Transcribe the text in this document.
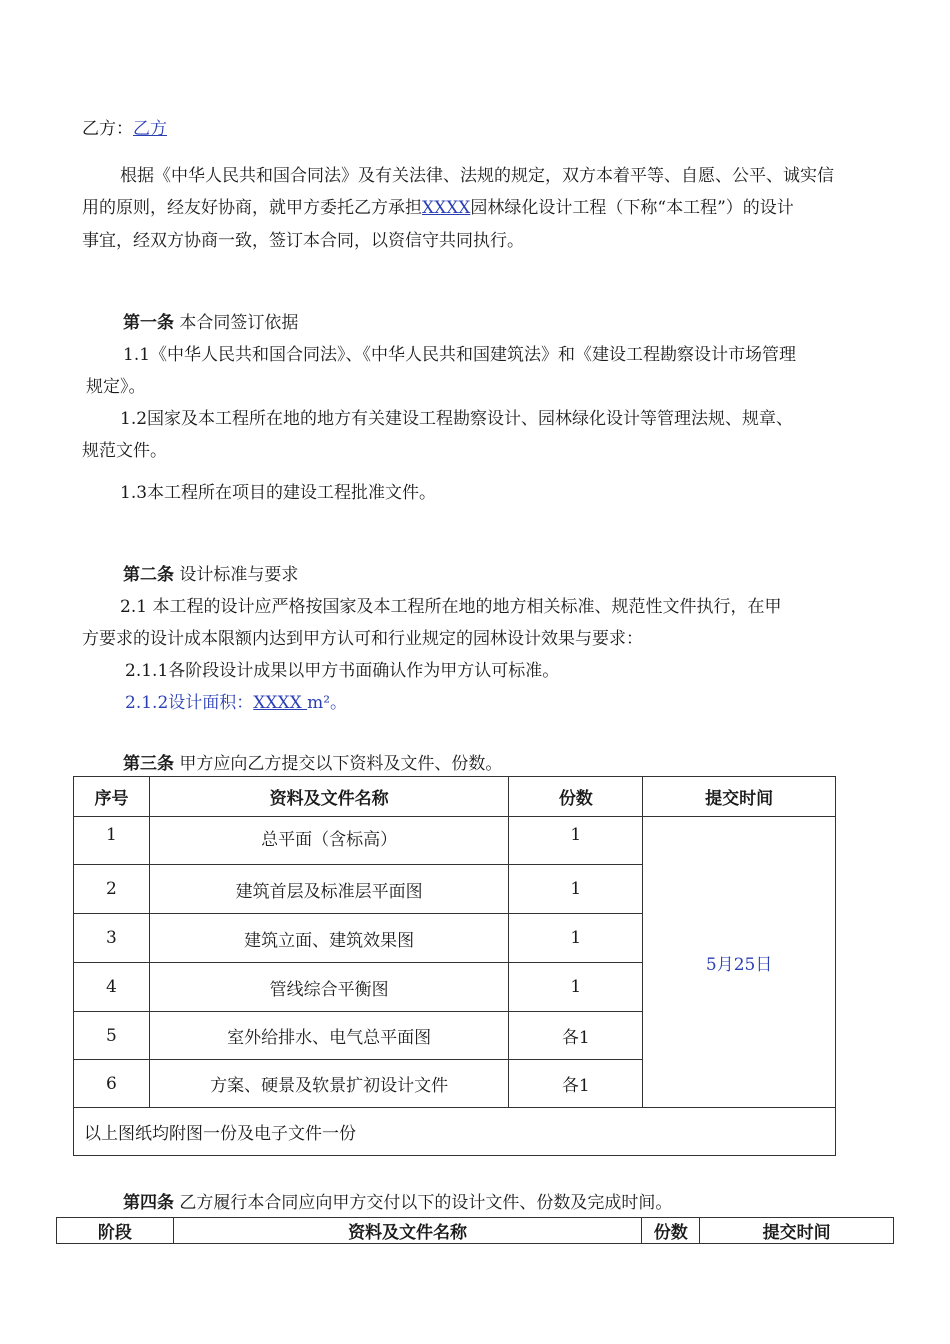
乙方：乙方
根据《中华人民共和国合同法》及有关法律、法规的规定，双方本着平等、自愿、公平、诚实信
用的原则，经友好协商，就甲方委托乙方承担XXXX园林绿化设计工程（下称“本工程”）的设计
事宜，经双方协商一致，签订本合同，以资信守共同执行。
第一条 本合同签订依据
1.1《中华人民共和国合同法》、《中华人民共和国建筑法》和《建设工程勘察设计市场管理
规定》。
1.2国家及本工程所在地的地方有关建设工程勘察设计、园林绿化设计等管理法规、规章、
规范文件。
1.3本工程所在项目的建设工程批准文件。
第二条 设计标准与要求
2.1 本工程的设计应严格按国家及本工程所在地的地方相关标准、规范性文件执行，在甲
方要求的设计成本限额内达到甲方认可和行业规定的园林设计效果与要求：
2.1.1各阶段设计成果以甲方书面确认作为甲方认可标准。
2.1.2设计面积：XXXX m²。
第三条 甲方应向乙方提交以下资料及文件、份数。
序号	资料及文件名称	份数	提交时间
1	总平面（含标高）	1	5月25日
2	建筑首层及标准层平面图	1	
3	建筑立面、建筑效果图	1	
4	管线综合平衡图	1	
5	室外给排水、电气总平面图	各1	
6	方案、硬景及软景扩初设计文件	各1	
以上图纸均附图一份及电子文件一份			
第四条 乙方履行本合同应向甲方交付以下的设计文件、份数及完成时间。
阶段	资料及文件名称	份数	提交时间
